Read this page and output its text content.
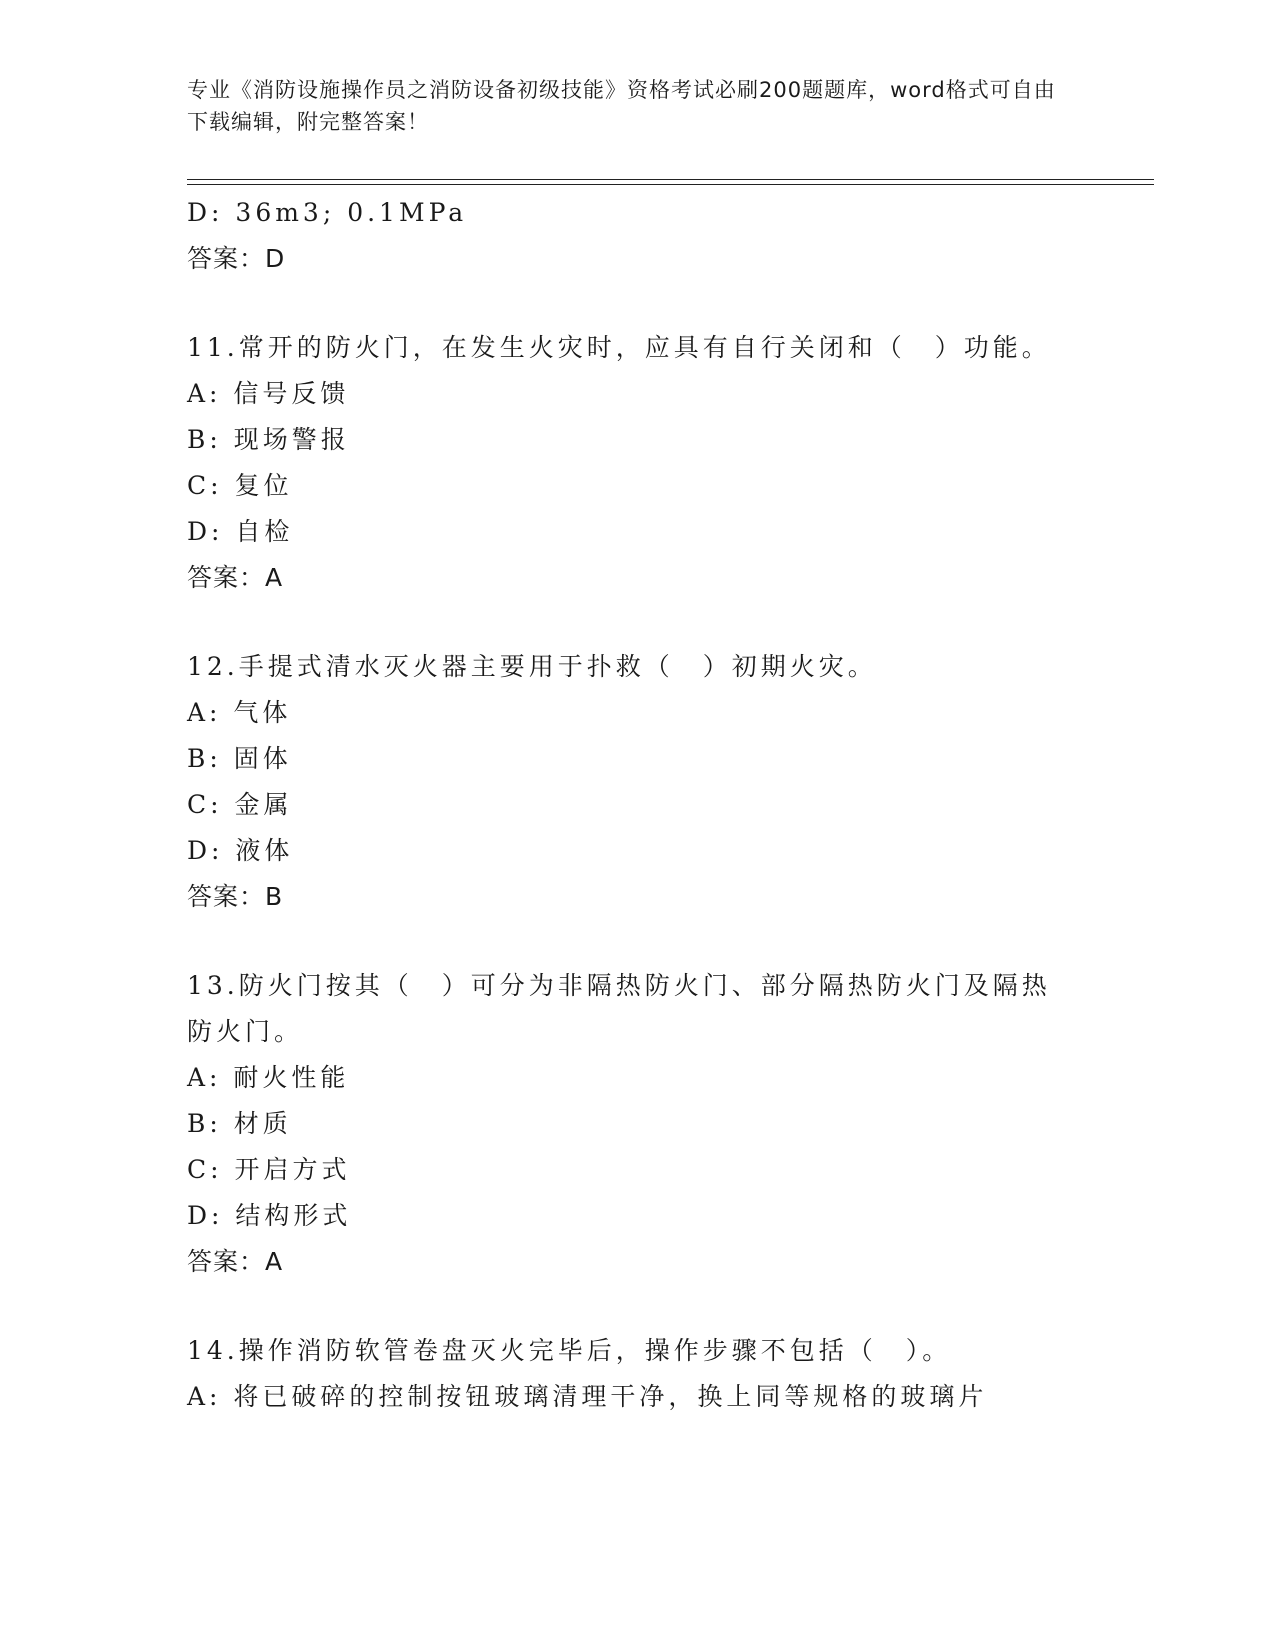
专业《消防设施操作员之消防设备初级技能》资格考试必刷200题题库，word格式可自由下载编辑，附完整答案！
D: 36m3; 0.1MPa
答案：D
11.常开的防火门，在发生火灾时，应具有自行关闭和（　）功能。
A: 信号反馈
B: 现场警报
C: 复位
D: 自检
答案：A
12.手提式清水灭火器主要用于扑救（　）初期火灾。
A: 气体
B: 固体
C: 金属
D: 液体
答案：B
13.防火门按其（　）可分为非隔热防火门、部分隔热防火门及隔热防火门。
A: 耐火性能
B: 材质
C: 开启方式
D: 结构形式
答案：A
14.操作消防软管卷盘灭火完毕后，操作步骤不包括（　）。
A: 将已破碎的控制按钮玻璃清理干净，换上同等规格的玻璃片
